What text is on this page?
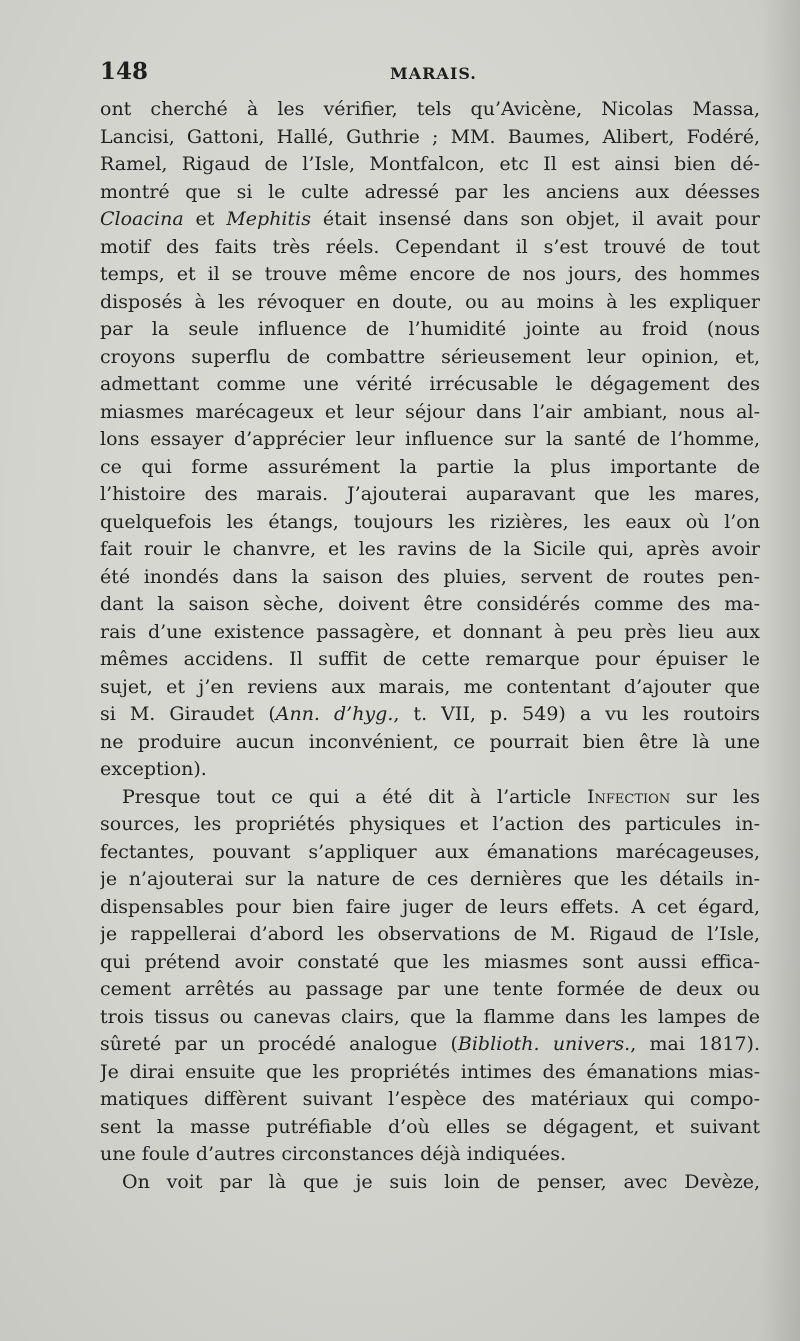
148	MARAIS.
ont cherché à les vérifier, tels qu’Avicène, Nicolas Massa,
Lancisi, Gattoni, Hallé, Guthrie ; MM. Baumes, Alibert, Fodéré,
Ramel, Rigaud de l’Isle, Montfalcon, etc Il est ainsi bien dé-
montré que si le culte adressé par les anciens aux déesses
Cloacina et Mephitis était insensé dans son objet, il avait pour
motif des faits très réels. Cependant il s’est trouvé de tout
temps, et il se trouve même encore de nos jours, des hommes
disposés à les révoquer en doute, ou au moins à les expliquer
par la seule influence de l’humidité jointe au froid (nous
croyons superflu de combattre sérieusement leur opinion, et,
admettant comme une vérité irrécusable le dégagement des
miasmes marécageux et leur séjour dans l’air ambiant, nous al-
lons essayer d’apprécier leur influence sur la santé de l’homme,
ce qui forme assurément la partie la plus importante de
l’histoire des marais. J’ajouterai auparavant que les mares,
quelquefois les étangs, toujours les rizières, les eaux où l’on
fait rouir le chanvre, et les ravins de la Sicile qui, après avoir
été inondés dans la saison des pluies, servent de routes pen-
dant la saison sèche, doivent être considérés comme des ma-
rais d’une existence passagère, et donnant à peu près lieu aux
mêmes accidens. Il suffit de cette remarque pour épuiser le
sujet, et j’en reviens aux marais, me contentant d’ajouter que
si M. Giraudet (Ann. d’hyg., t. VII, p. 549) a vu les routoirs
ne produire aucun inconvénient, ce pourrait bien être là une
exception).
Presque tout ce qui a été dit à l’article Infection sur les
sources, les propriétés physiques et l’action des particules in-
fectantes, pouvant s’appliquer aux émanations marécageuses,
je n’ajouterai sur la nature de ces dernières que les détails in-
dispensables pour bien faire juger de leurs effets. A cet égard,
je rappellerai d’abord les observations de M. Rigaud de l’Isle,
qui prétend avoir constaté que les miasmes sont aussi effica-
cement arrêtés au passage par une tente formée de deux ou
trois tissus ou canevas clairs, que la flamme dans les lampes de
sûreté par un procédé analogue (Biblioth. univers., mai 1817).
Je dirai ensuite que les propriétés intimes des émanations mias-
matiques diffèrent suivant l’espèce des matériaux qui compo-
sent la masse putréfiable d’où elles se dégagent, et suivant
une foule d’autres circonstances déjà indiquées.
On voit par là que je suis loin de penser, avec Devèze,
